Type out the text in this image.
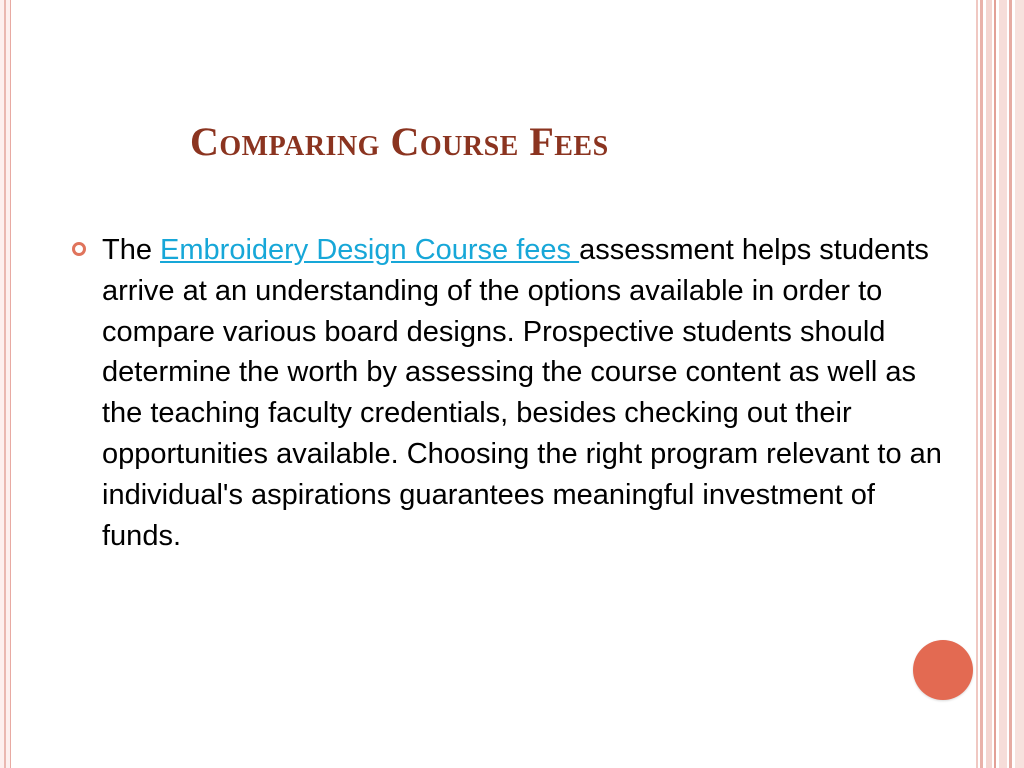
Comparing Course Fees

The Embroidery Design Course fees assessment helps students arrive at an understanding of the options available in order to compare various board designs. Prospective students should determine the worth by assessing the course content as well as the teaching faculty credentials, besides checking out their opportunities available. Choosing the right program relevant to an individual's aspirations guarantees meaningful investment of funds.
